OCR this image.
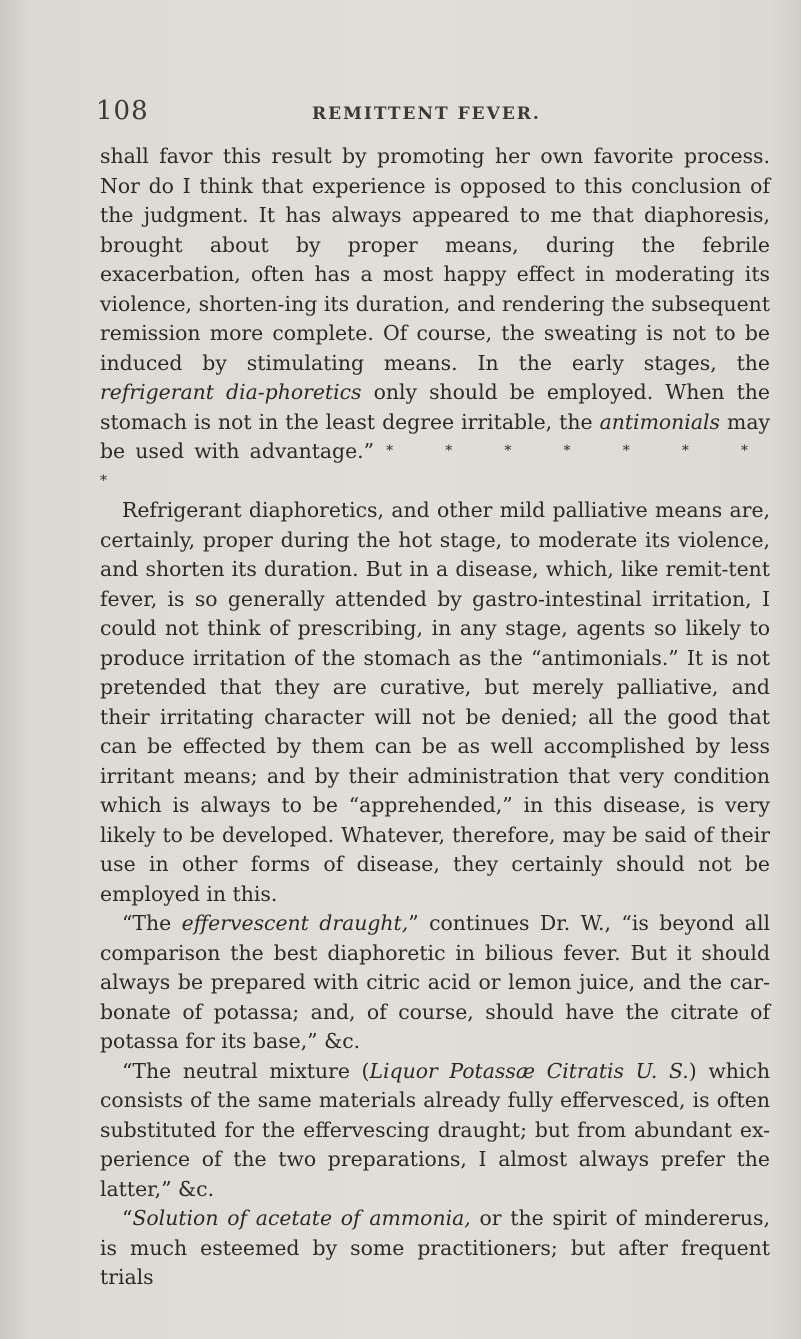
108	REMITTENT FEVER.

shall favor this result by promoting her own favorite process. Nor do I think that experience is opposed to this conclusion of the judgment. It has always appeared to me that diaphoresis, brought about by proper means, during the febrile exacerbation, often has a most happy effect in moderating its violence, shorten-ing its duration, and rendering the subsequent remission more complete. Of course, the sweating is not to be induced by stimulating means. In the early stages, the refrigerant dia-phoretics only should be employed. When the stomach is not in the least degree irritable, the antimonials may be used with advantage.” * * * * * * * *

Refrigerant diaphoretics, and other mild palliative means are, certainly, proper during the hot stage, to moderate its violence, and shorten its duration. But in a disease, which, like remit-tent fever, is so generally attended by gastro-intestinal irritation, I could not think of prescribing, in any stage, agents so likely to produce irritation of the stomach as the “antimonials.” It is not pretended that they are curative, but merely palliative, and their irritating character will not be denied; all the good that can be effected by them can be as well accomplished by less irritant means; and by their administration that very condition which is always to be “apprehended,” in this disease, is very likely to be developed. Whatever, therefore, may be said of their use in other forms of disease, they certainly should not be employed in this.

“The effervescent draught,” continues Dr. W., “is beyond all comparison the best diaphoretic in bilious fever. But it should always be prepared with citric acid or lemon juice, and the car-bonate of potassa; and, of course, should have the citrate of potassa for its base,” &c.

“The neutral mixture (Liquor Potassæ Citratis U. S.) which consists of the same materials already fully effervesced, is often substituted for the effervescing draught; but from abundant ex-perience of the two preparations, I almost always prefer the latter,” &c.

“Solution of acetate of ammonia, or the spirit of mindererus, is much esteemed by some practitioners; but after frequent trials
